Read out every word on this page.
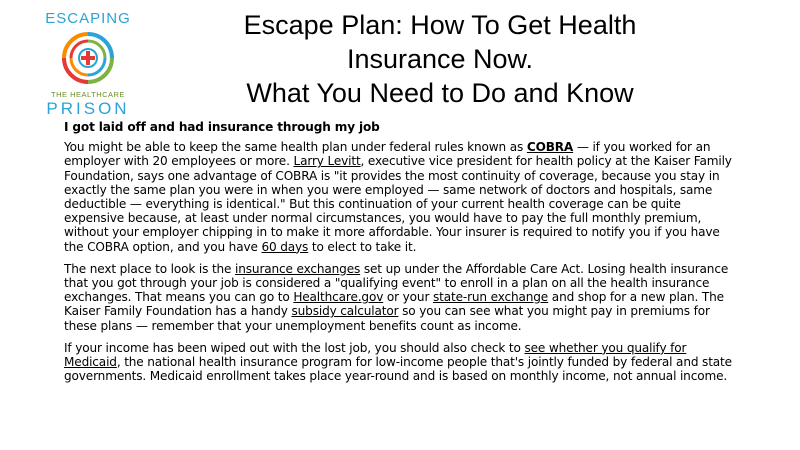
ESCAPING
THE HEALTHCARE
PRISON
Escape Plan: How To Get Health
Insurance Now.
What You Need to Do and Know
I got laid off and had insurance through my job

You might be able to keep the same health plan under federal rules known as COBRA — if you worked for an employer with 20 employees or more. Larry Levitt, executive vice president for health policy at the Kaiser Family Foundation, says one advantage of COBRA is "it provides the most continuity of coverage, because you stay in exactly the same plan you were in when you were employed — same network of doctors and hospitals, same deductible — everything is identical." But this continuation of your current health coverage can be quite expensive because, at least under normal circumstances, you would have to pay the full monthly premium, without your employer chipping in to make it more affordable. Your insurer is required to notify you if you have the COBRA option, and you have 60 days to elect to take it.

The next place to look is the insurance exchanges set up under the Affordable Care Act. Losing health insurance that you got through your job is considered a "qualifying event" to enroll in a plan on all the health insurance exchanges. That means you can go to Healthcare.gov or your state-run exchange and shop for a new plan. The Kaiser Family Foundation has a handy subsidy calculator so you can see what you might pay in premiums for these plans — remember that your unemployment benefits count as income.

If your income has been wiped out with the lost job, you should also check to see whether you qualify for Medicaid, the national health insurance program for low-income people that's jointly funded by federal and state governments. Medicaid enrollment takes place year-round and is based on monthly income, not annual income.
